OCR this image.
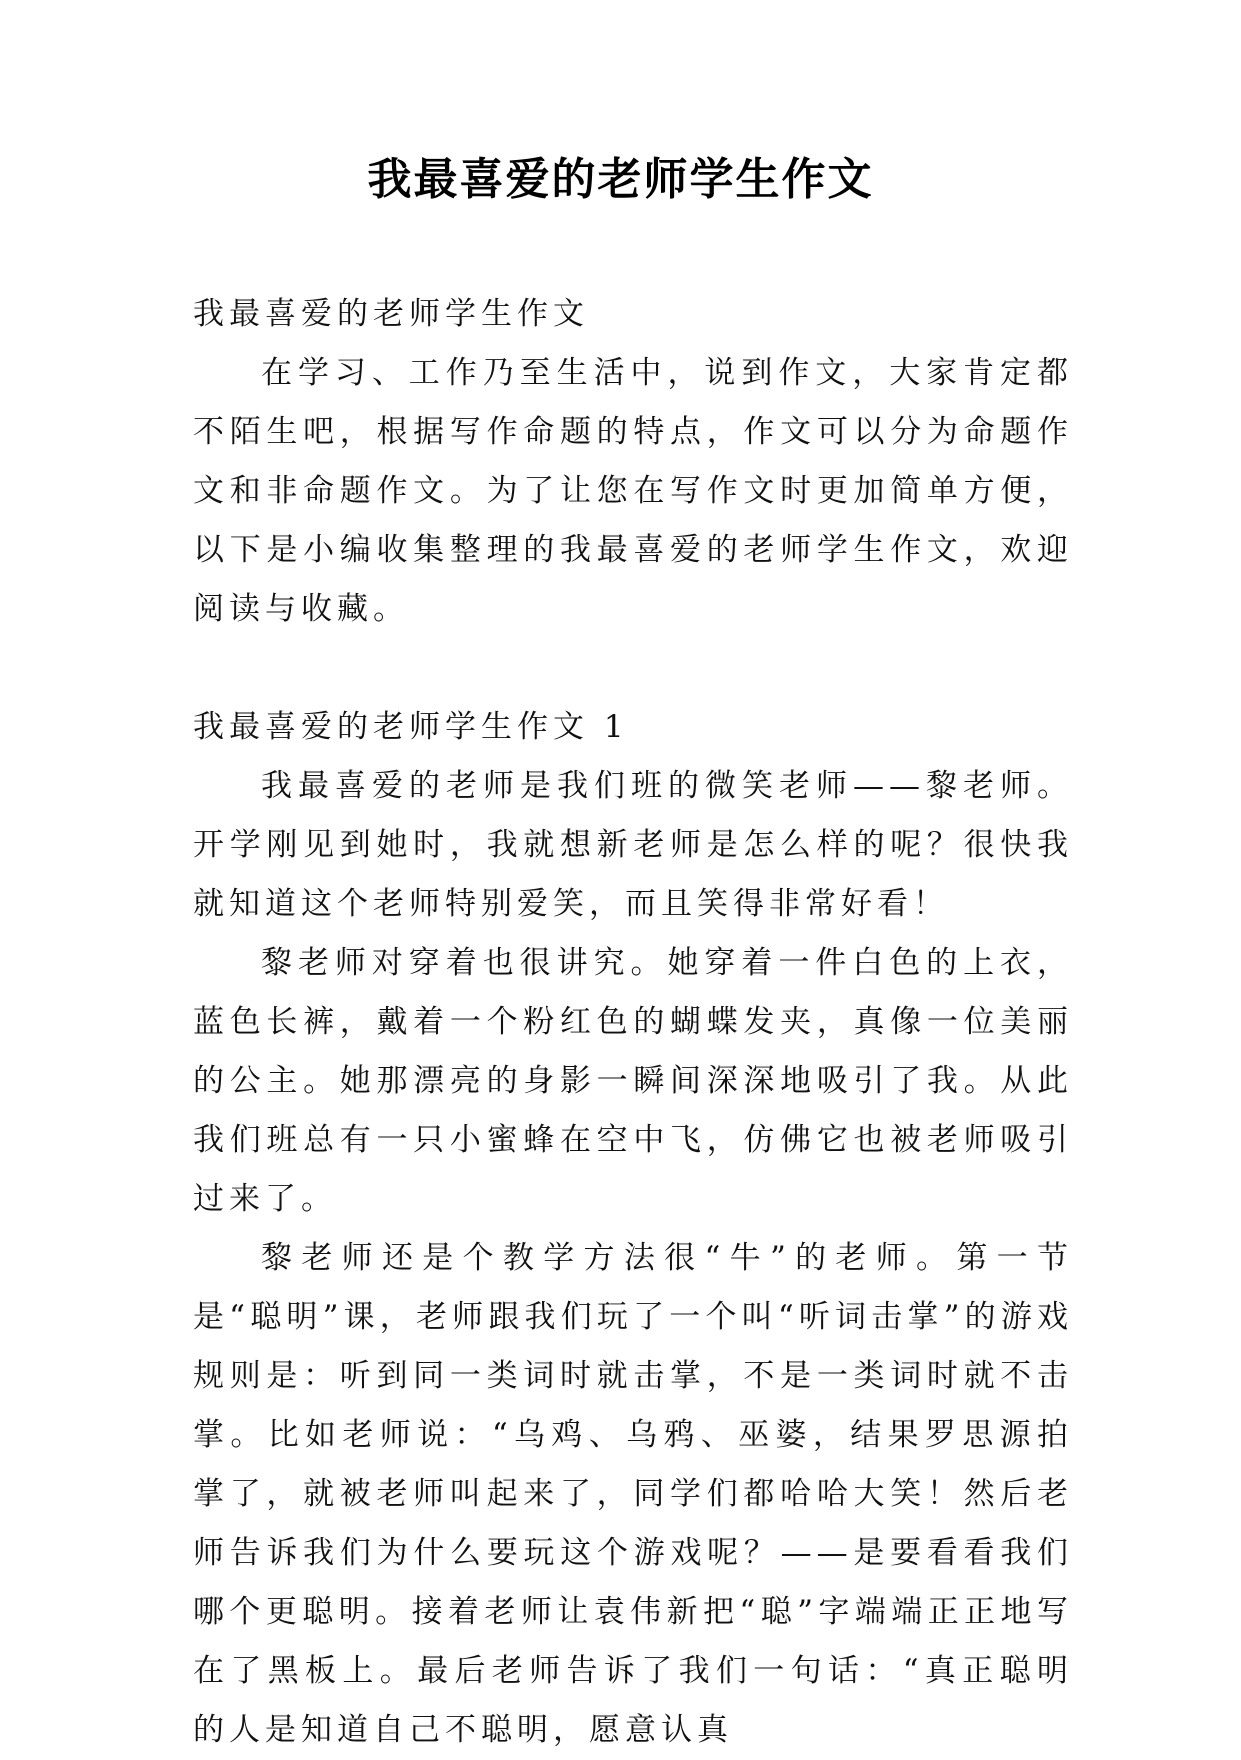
我最喜爱的老师学生作文

我最喜爱的老师学生作文

在学习、工作乃至生活中，说到作文，大家肯定都不陌生吧，根据写作命题的特点，作文可以分为命题作文和非命题作文。为了让您在写作文时更加简单方便，以下是小编收集整理的我最喜爱的老师学生作文，欢迎阅读与收藏。

我最喜爱的老师学生作文 1

我最喜爱的老师是我们班的微笑老师——黎老师。开学刚见到她时，我就想新老师是怎么样的呢？很快我就知道这个老师特别爱笑，而且笑得非常好看！

黎老师对穿着也很讲究。她穿着一件白色的上衣，蓝色长裤，戴着一个粉红色的蝴蝶发夹，真像一位美丽的公主。她那漂亮的身影一瞬间深深地吸引了我。从此我们班总有一只小蜜蜂在空中飞，仿佛它也被老师吸引过来了。

黎老师还是个教学方法很“牛”的老师。第一节是“聪明”课，老师跟我们玩了一个叫“听词击掌”的游戏规则是：听到同一类词时就击掌，不是一类词时就不击掌。比如老师说：“乌鸡、乌鸦、巫婆，结果罗思源拍掌了，就被老师叫起来了，同学们都哈哈大笑！然后老师告诉我们为什么要玩这个游戏呢？——是要看看我们哪个更聪明。接着老师让袁伟新把“聪”字端端正正地写在了黑板上。最后老师告诉了我们一句话：“真正聪明的人是知道自己不聪明，愿意认真
